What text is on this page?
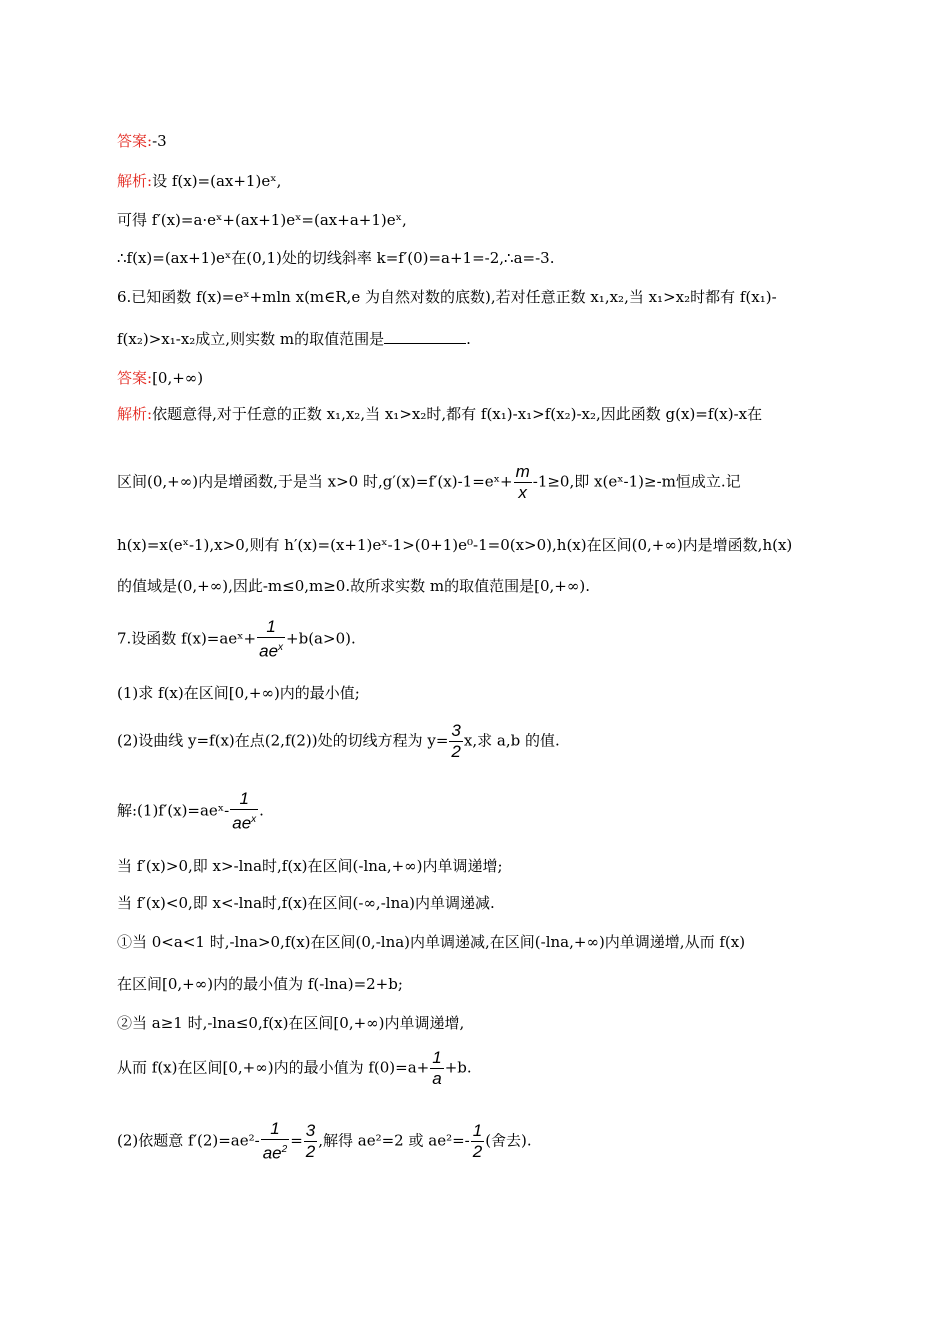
答案:-3
解析:设 f(x)=(ax+1)eˣ,
可得 f′(x)=a·eˣ+(ax+1)eˣ=(ax+a+1)eˣ,
∴f(x)=(ax+1)eˣ在(0,1)处的切线斜率 k=f′(0)=a+1=-2,∴a=-3.
6.已知函数 f(x)=eˣ+mln x(m∈R,e 为自然对数的底数),若对任意正数 x₁,x₂,当 x₁>x₂时都有 f(x₁)-
f(x₂)>x₁-x₂成立,则实数 m的取值范围是	.
答案:[0,+∞)
解析:依题意得,对于任意的正数 x₁,x₂,当 x₁>x₂时,都有 f(x₁)-x₁>f(x₂)-x₂,因此函数 g(x)=f(x)-x在
区间(0,+∞)内是增函数,于是当 x>0 时,g′(x)=f′(x)-1=eˣ+ $\frac{m}{x} -1\ge 0$,即 x(eˣ-1)≥-m恒成立.记
h(x)=x(eˣ-1),x>0,则有 h′(x)=(x+1)eˣ-1>(0+1)e⁰-1=0(x>0),h(x)在区间(0,+∞)内是增函数,h(x)
的值域是(0,+∞),因此-m≤0,m≥0.故所求实数 m的取值范围是[0,+∞).
7.设函数 f(x)=aeˣ+ $\frac{1}{ae^x} +b(a>0)$.
(1)求 f(x)在区间[0,+∞)内的最小值;
(2)设曲线 y=f(x)在点(2,f(2))处的切线方程为 $y= \frac{3}{2} x$,求 a,b 的值.
解:(1)f′(x)=aeˣ- $\frac{1}{ae^x}$ .
当 f′(x)>0,即 x>-lna时,f(x)在区间(-lna,+∞)内单调递增;
当 f′(x)<0,即 x<-lna时,f(x)在区间(-∞,-lna)内单调递减.
①当 0<a<1 时,-lna>0,f(x)在区间(0,-lna)内单调递减,在区间(-lna,+∞)内单调递增,从而 f(x)
在区间[0,+∞)内的最小值为 f(-lna)=2+b;
②当 a≥1 时,-lna≤0,f(x)在区间[0,+∞)内单调递增,
从而 f(x)在区间[0,+∞)内的最小值为 $f(0)=a+ \frac{1}{a} +b$.
(2)依题意 $f'(2)=ae^2- \frac{1}{ae^2} = \frac{3}{2}$ ,解得 ae²=2 或 $ae^2=- \frac{1}{2}$ (舍去).
